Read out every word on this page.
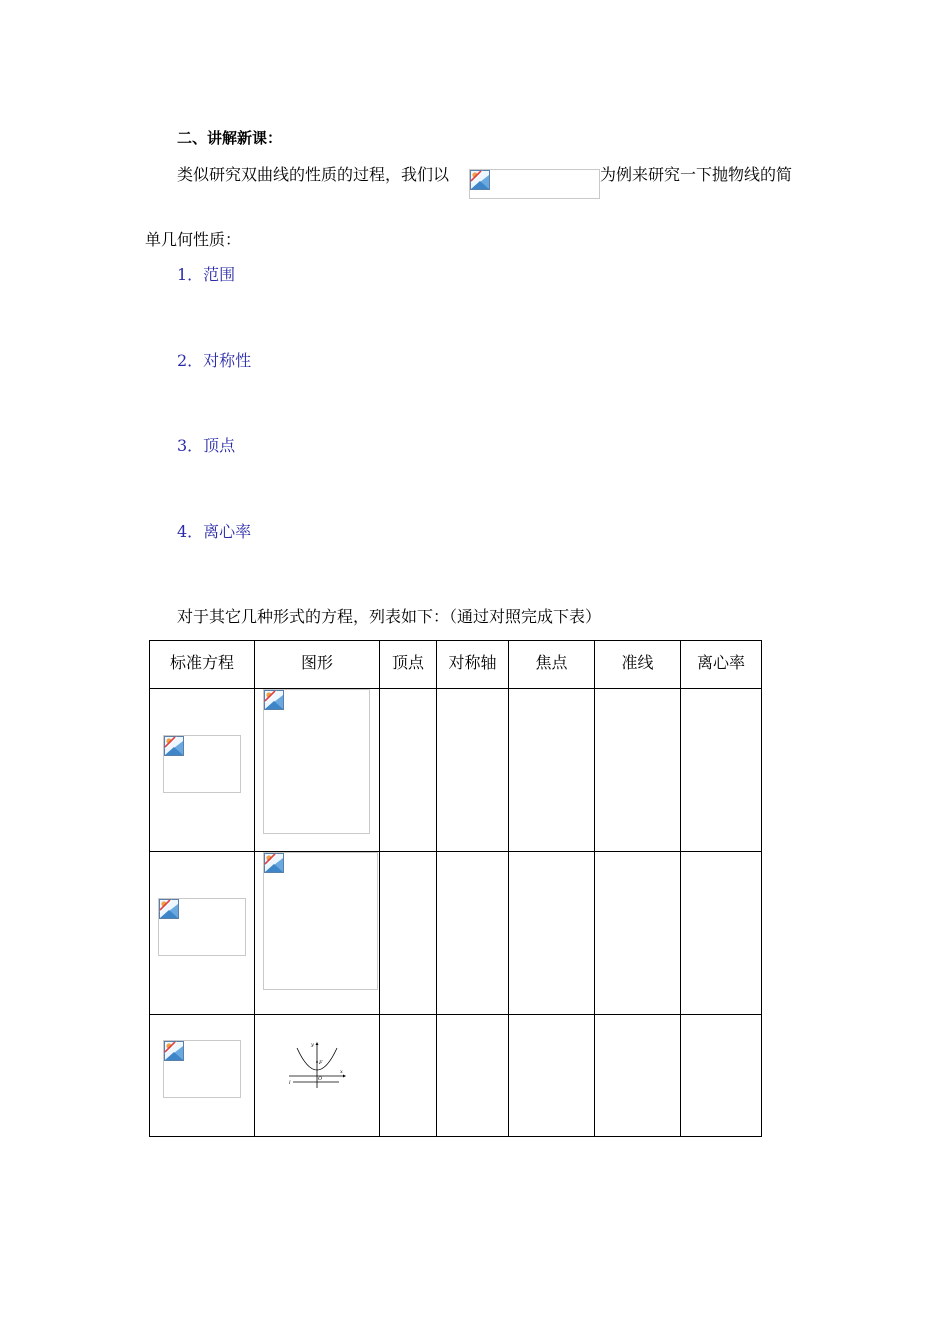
二、讲解新课：
类似研究双曲线的性质的过程，我们以	为例来研究一下抛物线的简
单几何性质：
1．范围
2．对称性
3．顶点
4．离心率
对于其它几种形式的方程，列表如下：（通过对照完成下表）
标准方程	图形	顶点	对称轴	焦点	准线	离心率

y
x
F
O
l					
